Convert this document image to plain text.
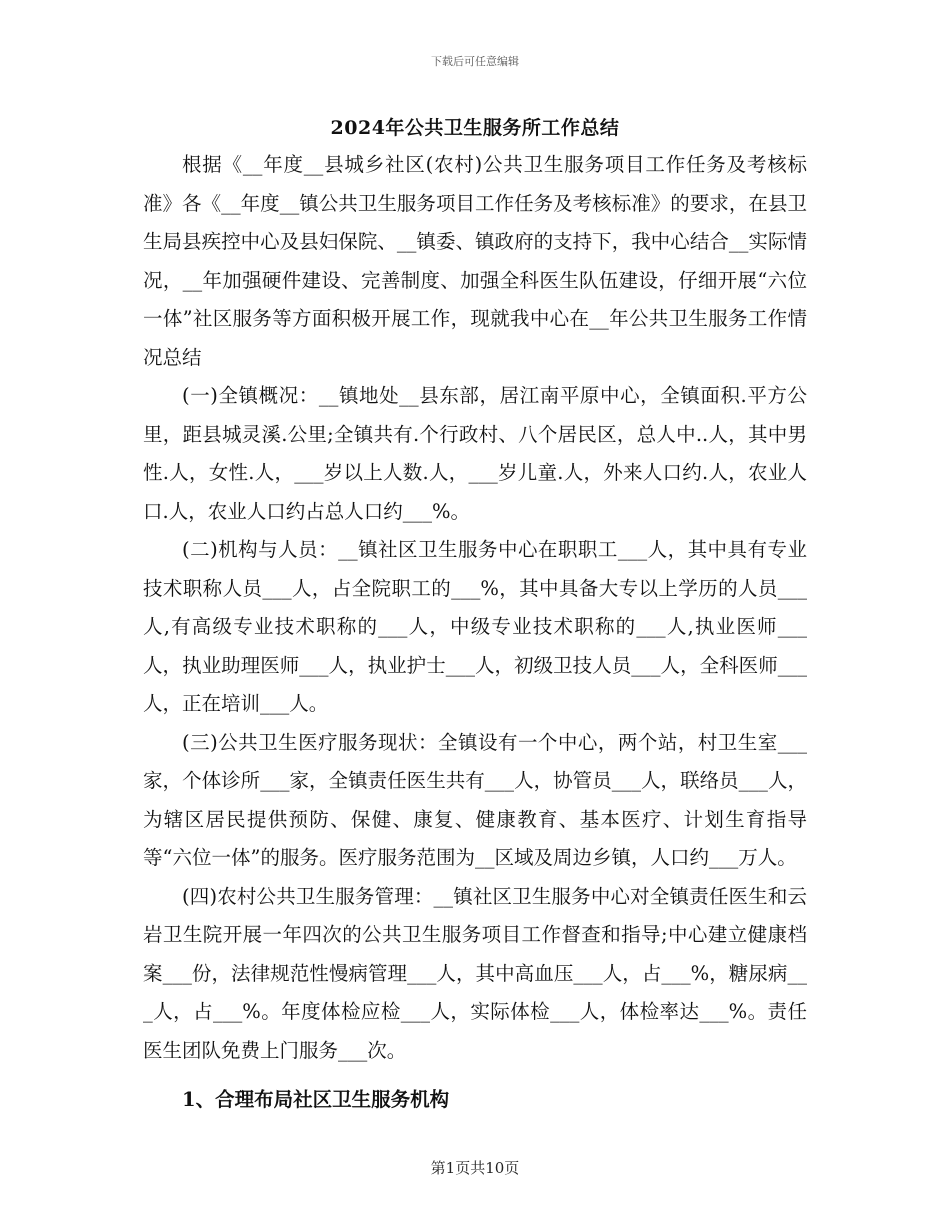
下载后可任意编辑
2024年公共卫生服务所工作总结

根据《__年度__县城乡社区(农村)公共卫生服务项目工作任务及考核标准》各《__年度__镇公共卫生服务项目工作任务及考核标准》的要求，在县卫生局县疾控中心及县妇保院、__镇委、镇政府的支持下，我中心结合__实际情况，__年加强硬件建设、完善制度、加强全科医生队伍建设，仔细开展“六位一体”社区服务等方面积极开展工作，现就我中心在__年公共卫生服务工作情况总结

(一)全镇概况：__镇地处__县东部，居江南平原中心，全镇面积.平方公里，距县城灵溪.公里;全镇共有.个行政村、八个居民区，总人中..人，其中男性.人，女性.人，___岁以上人数.人，___岁儿童.人，外来人口约.人，农业人口.人，农业人口约占总人口约___%。

(二)机构与人员：__镇社区卫生服务中心在职职工___人，其中具有专业技术职称人员___人，占全院职工的___%，其中具备大专以上学历的人员___人,有高级专业技术职称的___人，中级专业技术职称的___人,执业医师___人，执业助理医师___人，执业护士___人，初级卫技人员___人，全科医师___人，正在培训___人。

(三)公共卫生医疗服务现状：全镇设有一个中心，两个站，村卫生室___家，个体诊所___家，全镇责任医生共有___人，协管员___人，联络员___人，为辖区居民提供预防、保健、康复、健康教育、基本医疗、计划生育指导等“六位一体”的服务。医疗服务范围为__区域及周边乡镇，人口约___万人。

(四)农村公共卫生服务管理：__镇社区卫生服务中心对全镇责任医生和云岩卫生院开展一年四次的公共卫生服务项目工作督查和指导;中心建立健康档案___份，法律规范性慢病管理___人，其中高血压___人，占___%，糖尿病___人，占___%。年度体检应检___人，实际体检___人，体检率达___%。责任医生团队免费上门服务___次。

1、合理布局社区卫生服务机构

第1页共10页
